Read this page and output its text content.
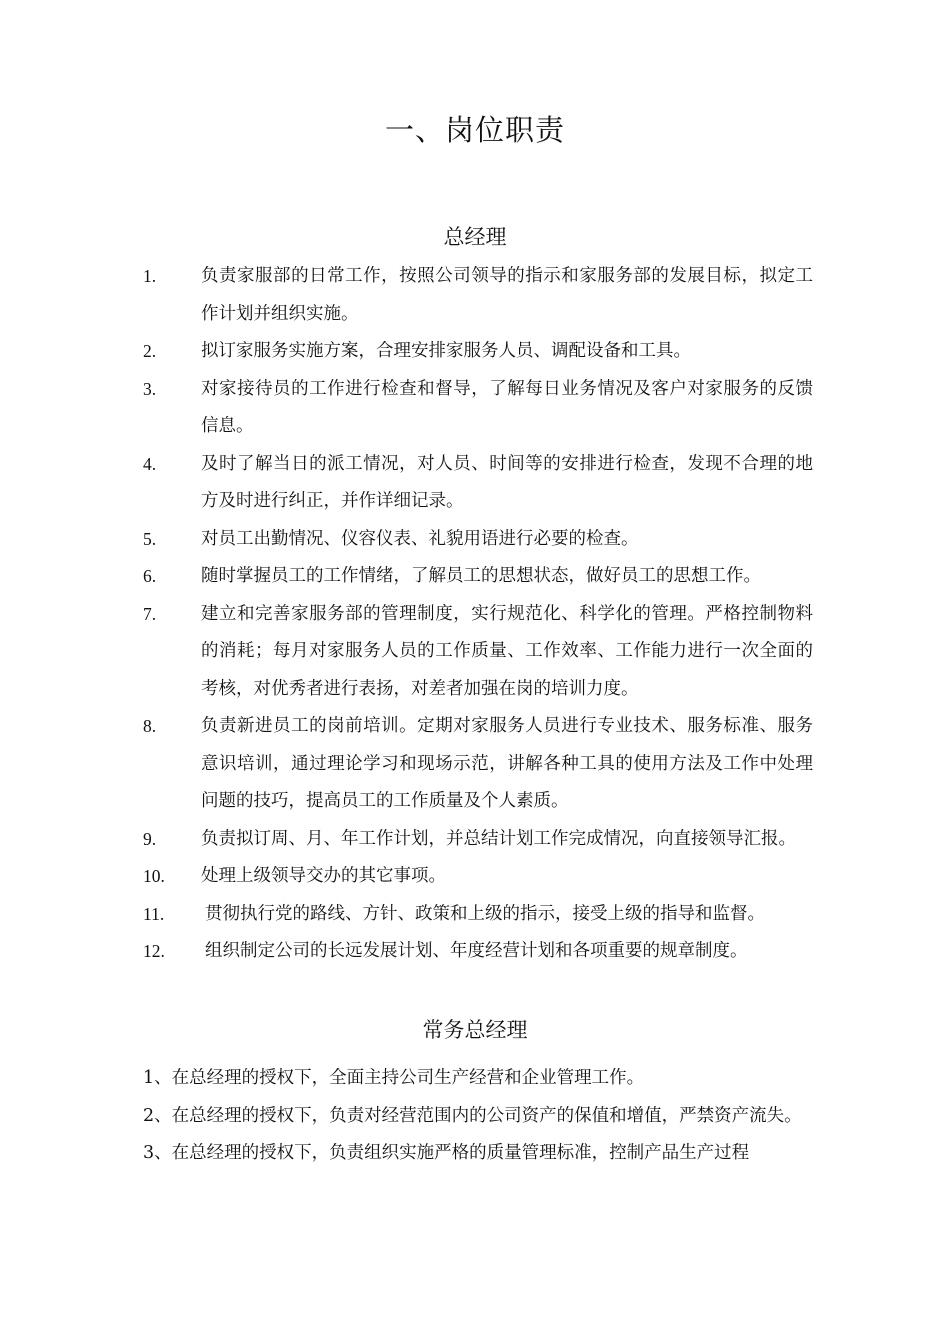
一、岗位职责
总经理
1.	负责家服部的日常工作，按照公司领导的指示和家服务部的发展目标，拟定工作计划并组织实施。
2.	拟订家服务实施方案，合理安排家服务人员、调配设备和工具。
3.	对家接待员的工作进行检查和督导，了解每日业务情况及客户对家服务的反馈信息。
4.	及时了解当日的派工情况，对人员、时间等的安排进行检查，发现不合理的地方及时进行纠正，并作详细记录。
5.	对员工出勤情况、仪容仪表、礼貌用语进行必要的检查。
6.	随时掌握员工的工作情绪，了解员工的思想状态，做好员工的思想工作。
7.	建立和完善家服务部的管理制度，实行规范化、科学化的管理。严格控制物料的消耗；每月对家服务人员的工作质量、工作效率、工作能力进行一次全面的考核，对优秀者进行表扬，对差者加强在岗的培训力度。
8.	负责新进员工的岗前培训。定期对家服务人员进行专业技术、服务标准、服务意识培训，通过理论学习和现场示范，讲解各种工具的使用方法及工作中处理问题的技巧，提高员工的工作质量及个人素质。
9.	负责拟订周、月、年工作计划，并总结计划工作完成情况，向直接领导汇报。
10. 处理上级领导交办的其它事项。
11. 贯彻执行党的路线、方针、政策和上级的指示，接受上级的指导和监督。
12. 组织制定公司的长远发展计划、年度经营计划和各项重要的规章制度。
常务总经理

1、在总经理的授权下，全面主持公司生产经营和企业管理工作。

2、在总经理的授权下，负责对经营范围内的公司资产的保值和增值，严禁资产流失。

3、在总经理的授权下，负责组织实施严格的质量管理标准，控制产品生产过程
